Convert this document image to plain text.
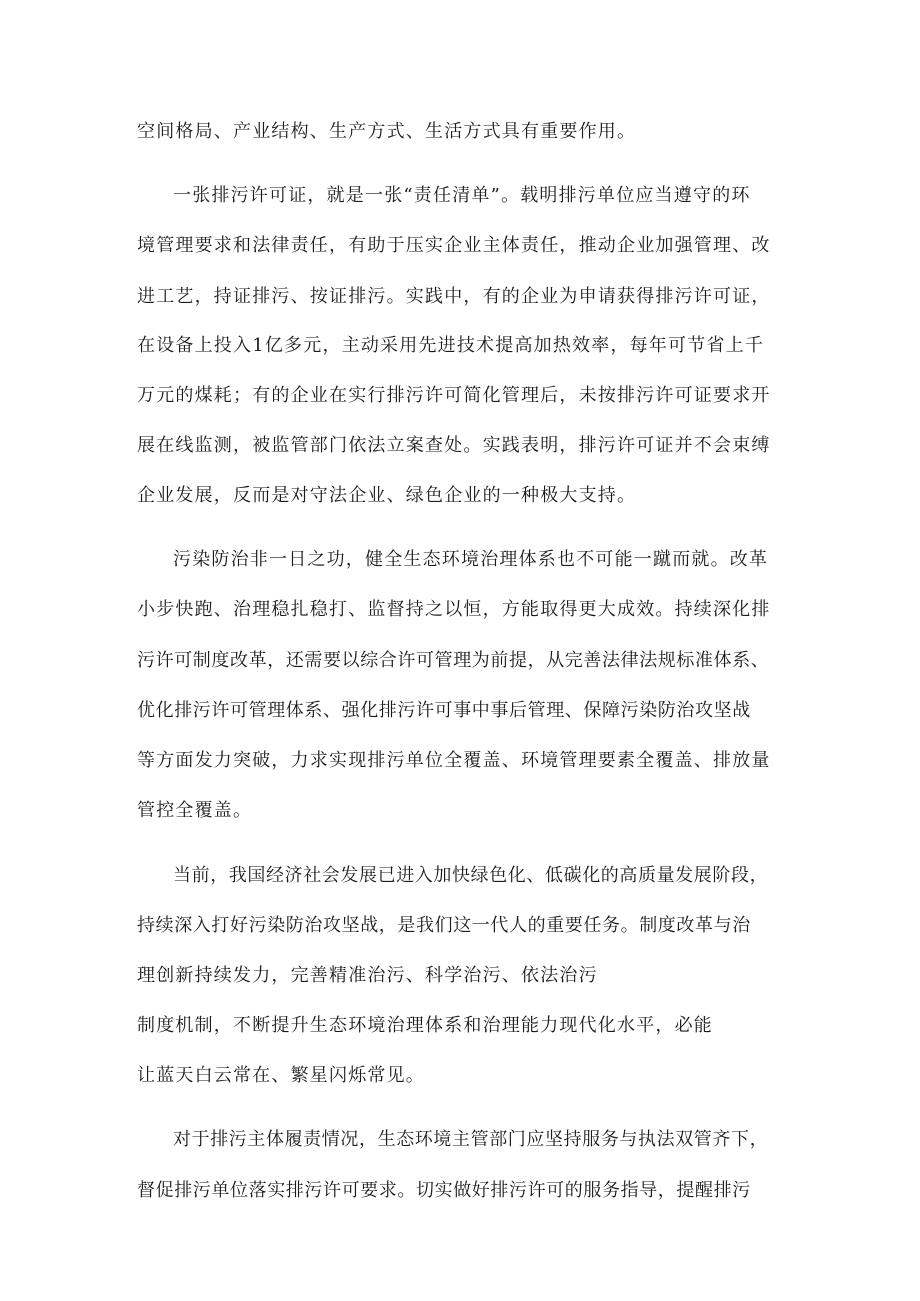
空间格局、产业结构、生产方式、生活方式具有重要作用。
一张排污许可证，就是一张“责任清单”。载明排污单位应当遵守的环
境管理要求和法律责任，有助于压实企业主体责任，推动企业加强管理、改
进工艺，持证排污、按证排污。实践中，有的企业为申请获得排污许可证，
在设备上投入1亿多元，主动采用先进技术提高加热效率，每年可节省上千
万元的煤耗；有的企业在实行排污许可简化管理后，未按排污许可证要求开
展在线监测，被监管部门依法立案查处。实践表明，排污许可证并不会束缚
企业发展，反而是对守法企业、绿色企业的一种极大支持。
污染防治非一日之功，健全生态环境治理体系也不可能一蹴而就。改革
小步快跑、治理稳扎稳打、监督持之以恒，方能取得更大成效。持续深化排
污许可制度改革，还需要以综合许可管理为前提，从完善法律法规标准体系、
优化排污许可管理体系、强化排污许可事中事后管理、保障污染防治攻坚战
等方面发力突破，力求实现排污单位全覆盖、环境管理要素全覆盖、排放量
管控全覆盖。
当前，我国经济社会发展已进入加快绿色化、低碳化的高质量发展阶段，
持续深入打好污染防治攻坚战，是我们这一代人的重要任务。制度改革与治
理创新持续发力，完善精准治污、科学治污、依法治污
制度机制，不断提升生态环境治理体系和治理能力现代化水平，必能
让蓝天白云常在、繁星闪烁常见。
对于排污主体履责情况，生态环境主管部门应坚持服务与执法双管齐下，
督促排污单位落实排污许可要求。切实做好排污许可的服务指导，提醒排污
